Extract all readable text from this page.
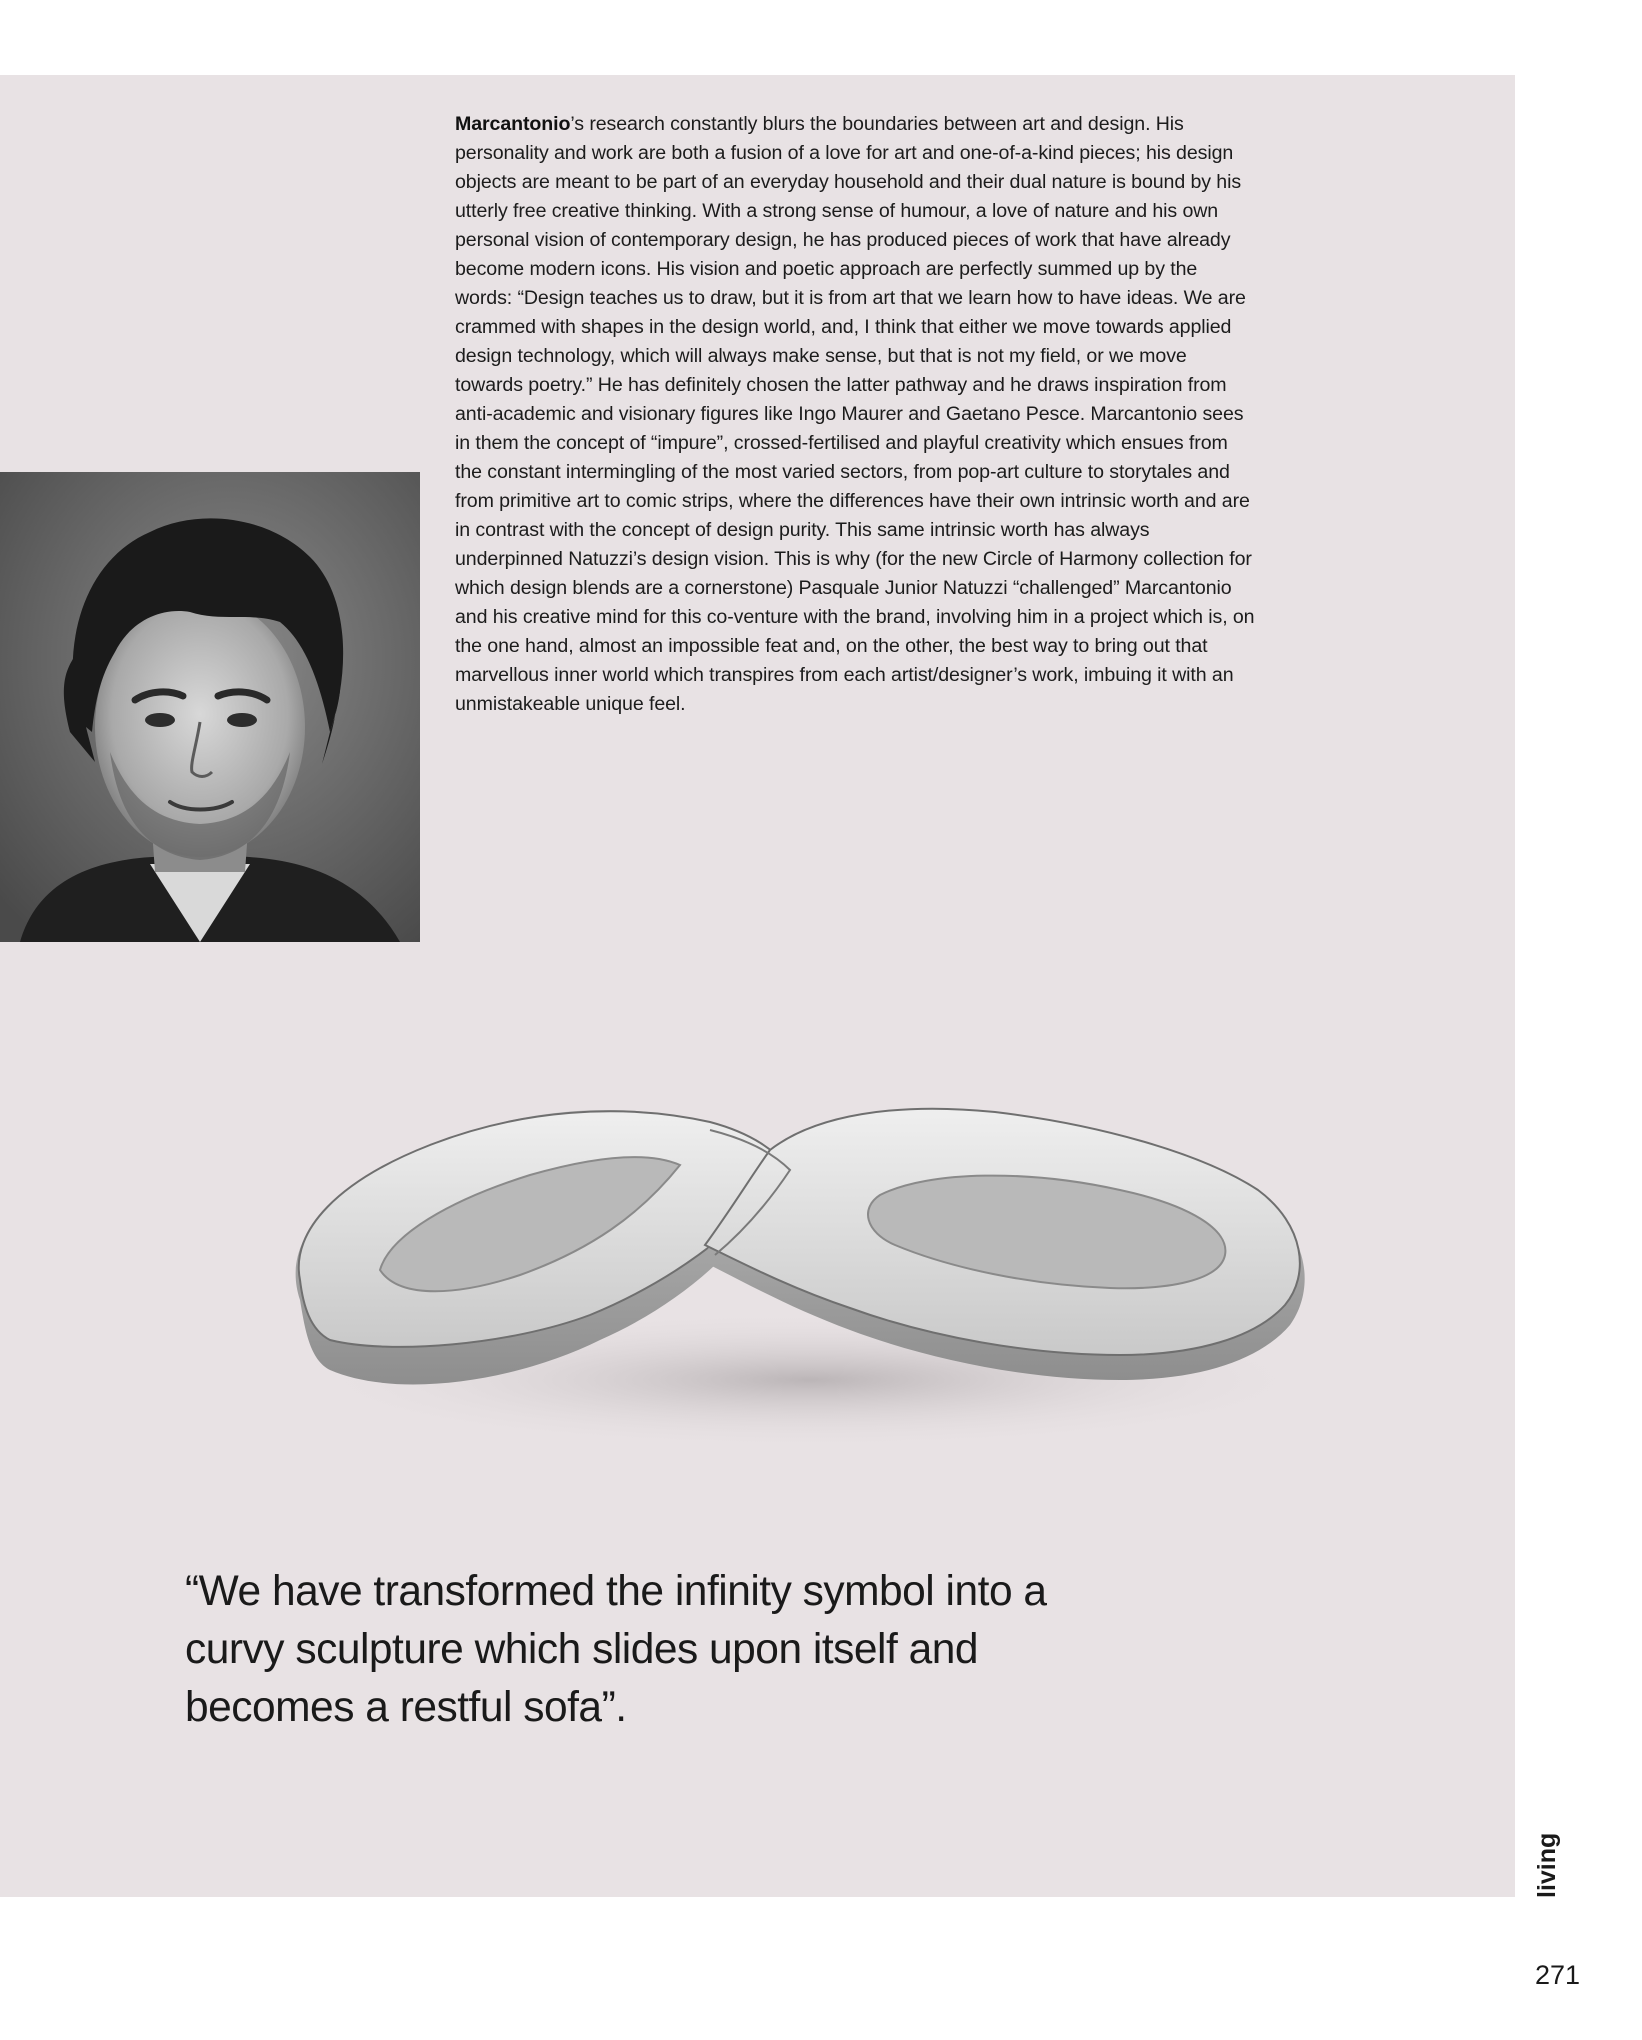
Marcantonio’s research constantly blurs the boundaries between art and design. His personality and work are both a fusion of a love for art and one-of-a-kind pieces; his design objects are meant to be part of an everyday household and their dual nature is bound by his utterly free creative thinking. With a strong sense of humour, a love of nature and his own personal vision of contemporary design, he has produced pieces of work that have already become modern icons. His vision and poetic approach are perfectly summed up by the words: “Design teaches us to draw, but it is from art that we learn how to have ideas. We are crammed with shapes in the design world, and, I think that either we move towards applied design technology, which will always make sense, but that is not my field, or we move towards poetry.” He has definitely chosen the latter pathway and he draws inspiration from anti-academic and visionary figures like Ingo Maurer and Gaetano Pesce. Marcantonio sees in them the concept of “impure”, crossed-fertilised and playful creativity which ensues from the constant intermingling of the most varied sectors, from pop-art culture to storytales and from primitive art to comic strips, where the differences have their own intrinsic worth and are in contrast with the concept of design purity. This same intrinsic worth has always underpinned Natuzzi’s design vision. This is why (for the new Circle of Harmony collection for which design blends are a cornerstone) Pasquale Junior Natuzzi “challenged” Marcantonio and his creative mind for this co-venture with the brand, involving him in a project which is, on the one hand, almost an impossible feat and, on the other, the best way to bring out that marvellous inner world which transpires from each artist/designer’s work, imbuing it with an unmistakeable unique feel.

“We have transformed the infinity symbol into a curvy sculpture which slides upon itself and becomes a restful sofa”.

living
271
